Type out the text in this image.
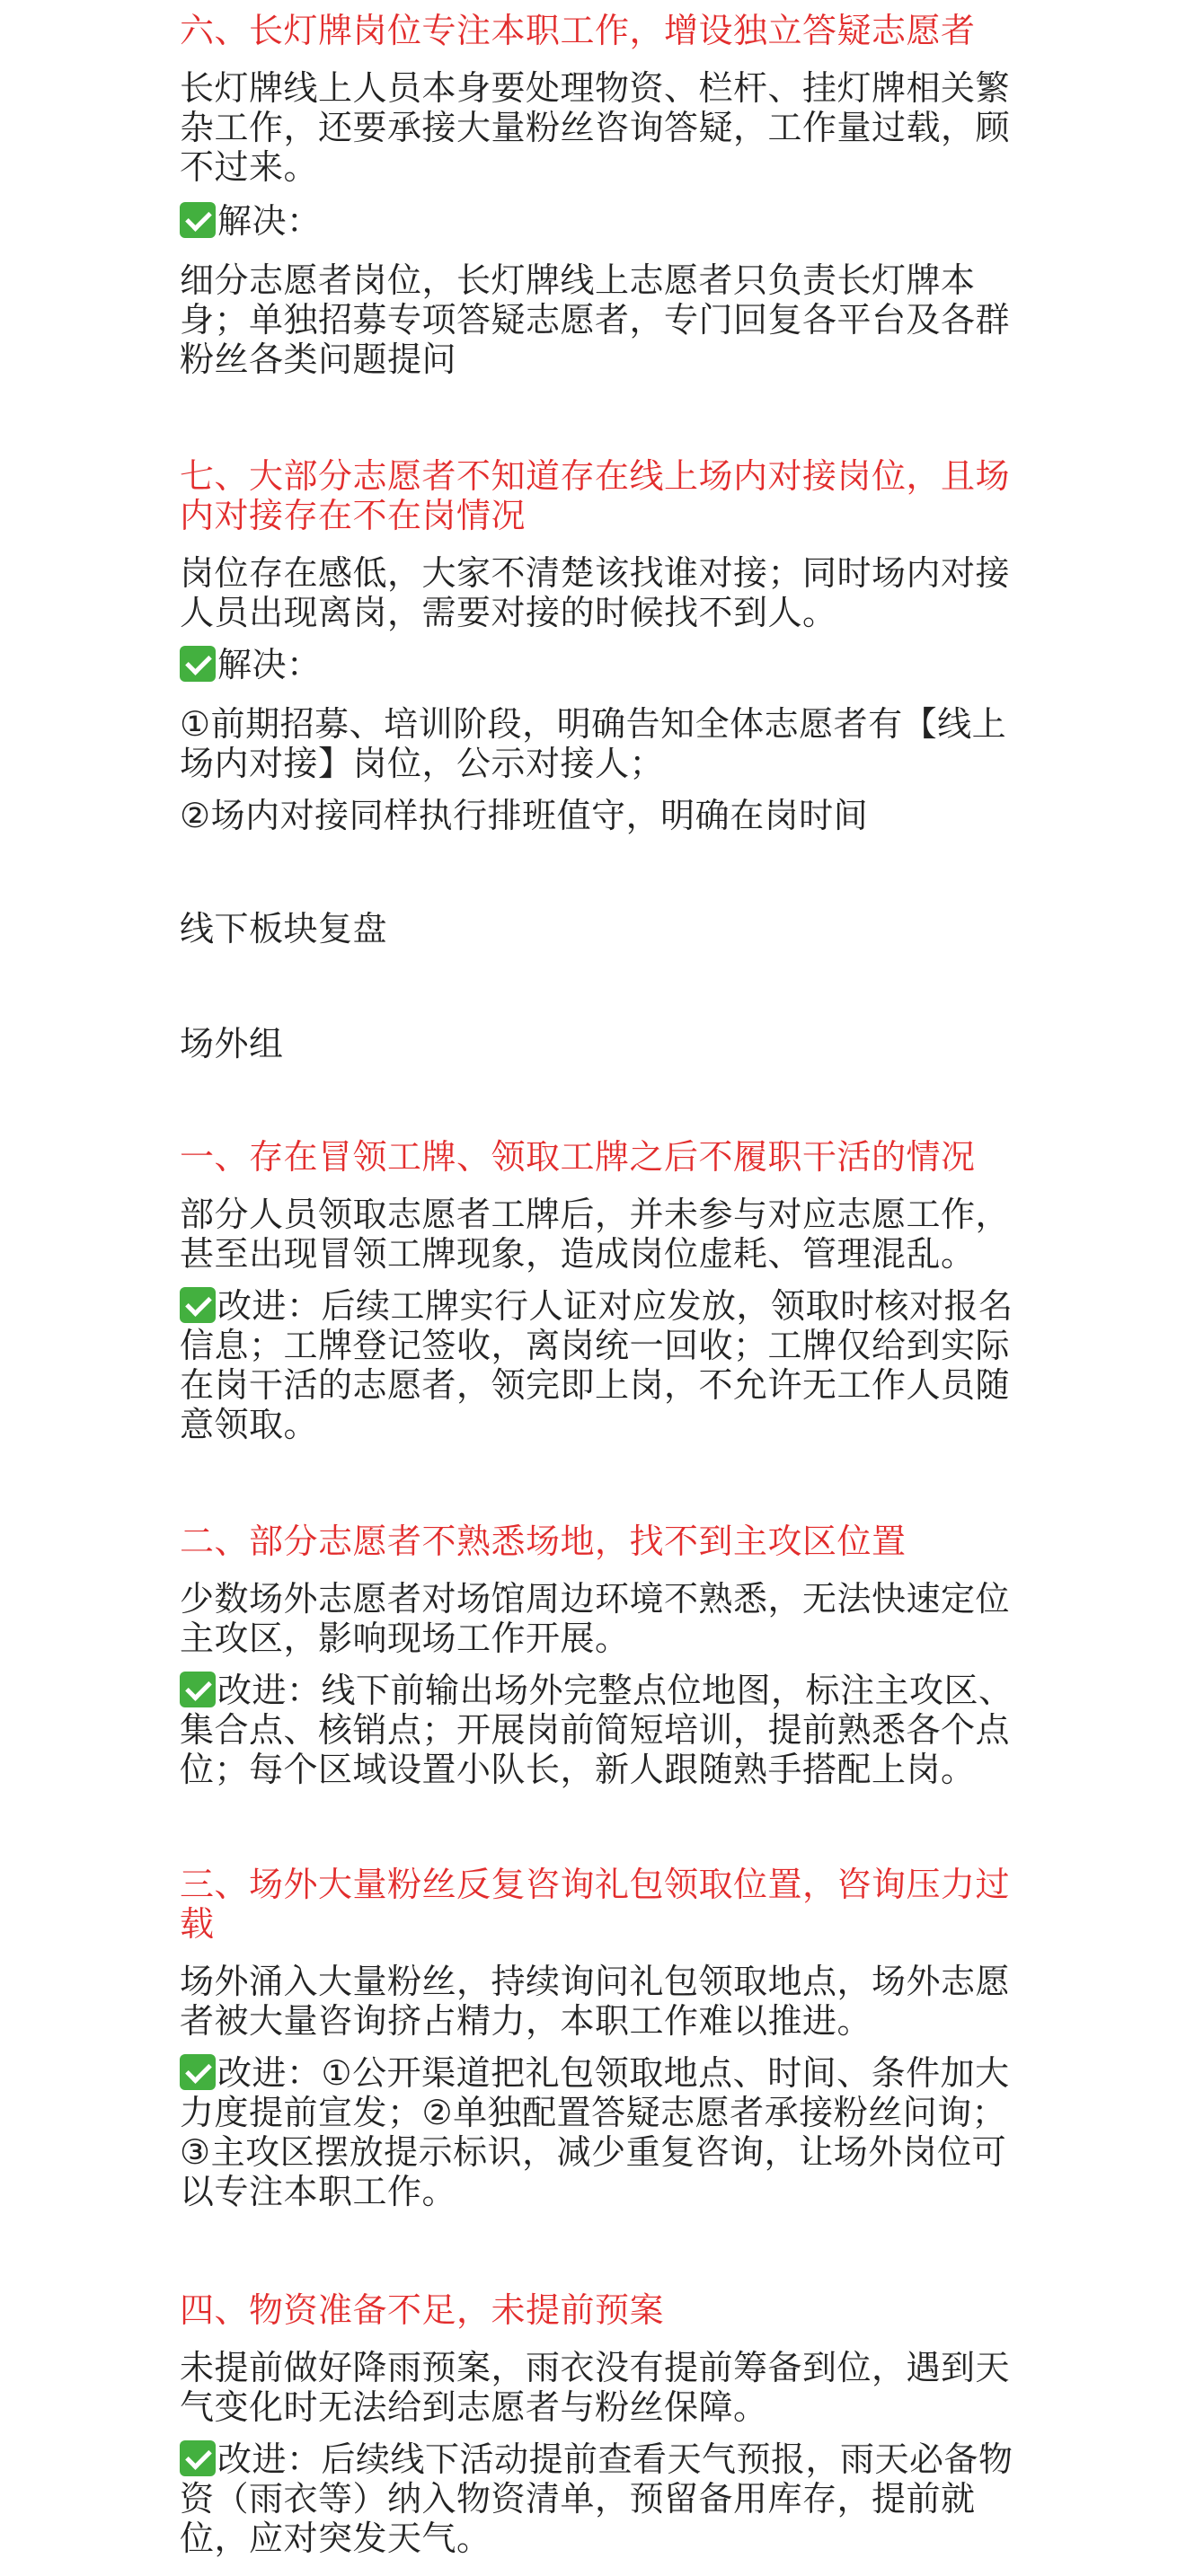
六、长灯牌岗位专注本职工作，增设独立答疑志愿者

长灯牌线上人员本身要处理物资、栏杆、挂灯牌相关繁
杂工作，还要承接大量粉丝咨询答疑，工作量过载，顾
不过来。

解决：

细分志愿者岗位，长灯牌线上志愿者只负责长灯牌本
身；单独招募专项答疑志愿者，专门回复各平台及各群
粉丝各类问题提问

七、大部分志愿者不知道存在线上场内对接岗位，且场
内对接存在不在岗情况

岗位存在感低，大家不清楚该找谁对接；同时场内对接
人员出现离岗，需要对接的时候找不到人。

解决：

①前期招募、培训阶段，明确告知全体志愿者有【线上
场内对接】岗位，公示对接人；

②场内对接同样执行排班值守，明确在岗时间

线下板块复盘

场外组

一、存在冒领工牌、领取工牌之后不履职干活的情况

部分人员领取志愿者工牌后，并未参与对应志愿工作，
甚至出现冒领工牌现象，造成岗位虚耗、管理混乱。

改进：后续工牌实行人证对应发放，领取时核对报名
信息；工牌登记签收，离岗统一回收；工牌仅给到实际
在岗干活的志愿者，领完即上岗，不允许无工作人员随
意领取。

二、部分志愿者不熟悉场地，找不到主攻区位置

少数场外志愿者对场馆周边环境不熟悉，无法快速定位
主攻区，影响现场工作开展。

改进：线下前输出场外完整点位地图，标注主攻区、
集合点、核销点；开展岗前简短培训，提前熟悉各个点
位；每个区域设置小队长，新人跟随熟手搭配上岗。

三、场外大量粉丝反复咨询礼包领取位置，咨询压力过
载

场外涌入大量粉丝，持续询问礼包领取地点，场外志愿
者被大量咨询挤占精力，本职工作难以推进。

改进：①公开渠道把礼包领取地点、时间、条件加大
力度提前宣发；②单独配置答疑志愿者承接粉丝问询；
③主攻区摆放提示标识，减少重复咨询，让场外岗位可
以专注本职工作。

四、物资准备不足，未提前预案

未提前做好降雨预案，雨衣没有提前筹备到位，遇到天
气变化时无法给到志愿者与粉丝保障。

改进：后续线下活动提前查看天气预报，雨天必备物
资（雨衣等）纳入物资清单，预留备用库存，提前就
位，应对突发天气。
